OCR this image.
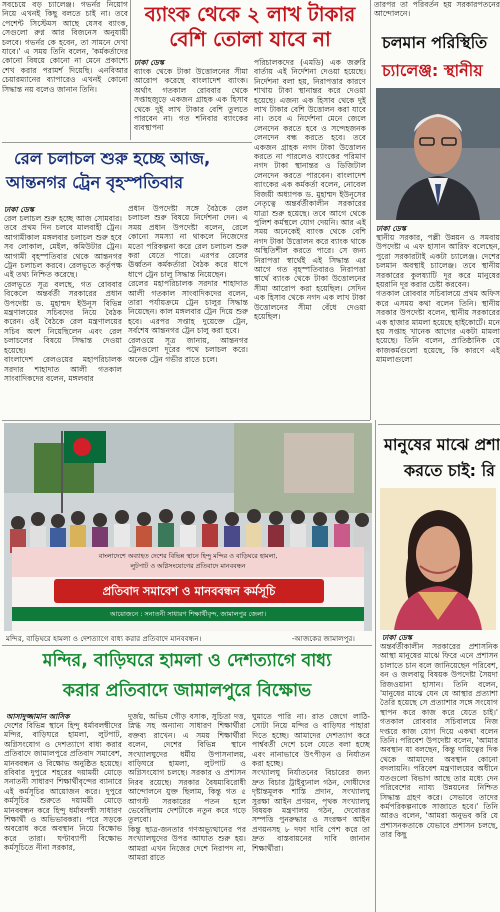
সবচেয়ে বড় চ্যালেঞ্জ। গভর্নর নিয়োগ নিয়ে এখনই কিছু বলতে চাই না। তবে পেশেন্ট সিস্টেমস আছে যেসব ব্যাংক, সেগুলো রুগ্ন আর বিজনেস অনুযায়ী চলবে। গভর্নর কে হবেন, তা সামনে দেখা যাবে।' এ সময় তিনি বলেন, 'কর্মকর্তাদের কোনো বিষয়ে কোনো না মেনে প্রকাশ্যে শেখ করার পরামর্শ দিয়েছি। এনবিআর চেয়ারম্যানের ব্যাপারেও এখনই কোনো সিদ্ধান্ত নয় বলেও জানান তিনি।
ব্যাংক থেকে ২ লাখ টাকার বেশি তোলা যাবে না
ঢাকা ডেস্ক
ব্যাংক থেকে টাকা উত্তোলনের সীমা আরোপ করেছে বাংলাদেশ ব্যাংক। অর্থাৎ গতকাল রোববার থেকে সপ্তাহজুড়ে একজন গ্রাহক এক হিসাব থেকে দুই লাখ টাকার বেশি তুলতে পারবেন না। গত শনিবার ব্যাংকের ব্যবস্থাপনা
পরিচালকদের (এমডি) এক জরুরি বার্তায় এই নির্দেশনা দেওয়া হয়েছে। নির্দেশনা বলা হয়, নিরাপত্তার কারণে শাখায় টাকা স্থানান্তর করে দেওয়া হয়েছে। এজন্য এক হিসাব থেকে দুই লাখ টাকার বেশি উত্তোলন করা যাবে না। তবে এ নির্দেশনা মেনে জেলে লেনদেন করতে হবে ও সন্দেহজনক লেনদেন বন্ধ করতে হবে। তবে একজন গ্রাহক নগদ টাকা উত্তোলন করতে না পারলেও ব্যাংকের পরিমাণ নগদ টাকা স্থানান্তর ও ডিজিটাল লেনদেন করতে পারবেন। বাংলাদেশ ব্যাংকের এক কর্মকর্তা বলেন, নোবেল বিজয়ী অধ্যাপক ড. মুহাম্মদ ইউনূসের নেতৃত্বে অন্তর্বর্তীকালীন সরকারের যাত্রা শুরু হয়েছে। তবে আগে থেকে পুলিশ কর্মস্থলে যোগ দেয়নি। আর এই সময় অনেকেই ব্যাংক থেকে বেশি নগদ টাকা উত্তোলন করে ব্যাংক থাকে অস্থিতিশীল করতে পারে। সে জন্য নিরাপত্তা স্বার্থেই এই সিদ্ধান্ত এর আগে গত বৃহস্পতিবারও নিরাপত্তা স্বার্থে ব্যাংক থেকে টাকা উত্তোলনের সীমা আরোপ করা হয়েছিল। সেদিন এক হিসাব থেকে নগদ এক লাখ টাকা উত্তোলনের সীমা বেঁধে দেওয়া হয়েছিল।
তারপর তা পরিবর্তন হয় সরকারপতনের আন্দোলনে।
চলমান পরিস্থিতি
চ্যালেঞ্জ: স্থানীয়
ঢাকা ডেস্ক
স্থানীয় সরকার, পল্লী উন্নয়ন ও সমবায় উপদেষ্টা এ এফ হাসান আরিফ বলেছেন, পুরো সরকারটাই একটা চ্যালেঞ্জ। দেশের চলমান অবস্থাই চ্যালেঞ্জ। তবে স্থানীয় সরকারের কুলষ্যাটি দূর করে মানুষের হয়রানি দূর করার চেষ্টা করবেন।
গতকাল রোববার সচিবালয়ে প্রথম অফিস করে এসময় কথা বলেন তিনি। স্থানীয় সরকার উপদেষ্টা বলেন, স্থানীয় সরকারের এক হাজার মামলা হয়েছে হাইকোর্টে। মনে হয় সপ্তাহ খানেক আগের একটা মামলা হয়েছে। তিনি বলেন, প্রাতিষ্ঠানিক যে কাজকর্মগুলো হয়েছে, কি কারণে এই মামলাগুলো
রেল চলাচল শুরু হচ্ছে আজ,
আন্তনগর ট্রেন বৃহস্পতিবার
ঢাকা ডেস্ক
রেল চলাচল শুরু হচ্ছে আজ সোমবার। তবে প্রথম দিন চলবে মালবাহী ট্রেন। আগামীকাল মঙ্গলবার চলাচল শুরু হবে সব লোকাল, মেইল, কমিউটার ট্রেন। আগামী বৃহস্পতিবার থেকে আন্তনগর ট্রেন চলাচল করবে। রেলভূতে কর্তৃপক্ষ এই তথ্য নিশ্চিত করেছে।
রেলভূতে সূত্র বলছে, গত রোববার বিকেলে অন্তর্বর্তী সরকারের প্রধান উপদেষ্টা ড. মুহাম্মদ ইউনূস বিভিন্ন মন্ত্রণালয়ের সচিবদের নিয়ে বৈঠক করেন। ওই বৈঠকে রেল মন্ত্রণালয়ের সচিব অংশ নিয়েছিলেন এবং রেল চলাচলের বিষয়ে সিদ্ধান্ত দেওয়া হয়েছে।
বাংলাদেশ রেলওয়ের মহাপরিচালক সরদার শাহাদাত আলী গতকাল সাংবাদিকদের বলেন, মঙ্গলবার
প্রধান উপদেষ্টা সঙ্গে বৈঠকে রেল চলাচল শুরু বিষয়ে নির্দেশনা দেন। এ সময় প্রধান উপদেষ্টা বলেন, রেলে কোনো সমস্যা না থাকলে নিজেদের মতো পরিকল্পনা করে রেল চলাচল শুরু করা যেতে পারে। এরপর রেলের ঊর্ধ্বতন কর্মকর্তারা বৈঠক করে ধাপে ধাপে ট্রেন চালু সিদ্ধান্ত নিয়েছেন।
রেলের মহাপরিচালক সরদার শাহাদাত আলী গতকাল সাংবাদিকদের বলেন, তারা পর্যায়ক্রমে ট্রেন চালুর সিদ্ধান্ত নিয়েছেন। কাল মঙ্গলবার ট্রেন দিয়ে শুরু হবে। এরপর সপ্তাহ দুয়েক্তে ট্রেন, সর্বশেষ আন্তনগর ট্রেন চালু করা হবে।
রেলওয়ে সূত্র জানায়, আন্তনগর ট্রেনগুলো দূরের পথে চলাচল করে। অনেক ট্রেন গভীর রাতে চলে।
বাংলাদেশে অব্যাহত দেশের বিভিন্ন স্থানে হিন্দু মন্দির ও বাড়িঘরে হামলা,
লুটপাট ও অগ্নিসংযোগের প্রতিবাদে মানববন্ধন
প্রতিবাদ সমাবেশ ও মানববন্ধন কর্মসূচি
আয়োজনে : সনাতনী সাধারণ শিক্ষার্থীবৃন্দ, জামালপুর জেলা।
মন্দির, বাড়িঘরে হামলা ও দেশত্যাগে বাধ্য করার প্রতিবাদে মানববন্ধন।	-আজকের জামালপুর।
মানুষের মাঝে প্রশা
করতে চাই: রি
ঢাকা ডেস্ক
অন্তর্বর্তীকালীন সরকারের প্রশাসনিক আস্থা মানুষের মাঝে ফিরে এনে প্রশাসন চালাতে চান বলে জানিয়েছেন পরিবেশ, বন ও জলবায়ু বিষয়ক উপদেষ্টা সৈয়দা রিজওয়ানা হাসান। তিনি বলেন, 'মানুষের মাঝে যেন যে আস্থার প্রত্যাশা তৈরি হয়েছে সে প্রত্যাশার সঙ্গে সংযোগ স্থাপন করে কাজ করে যেতে চাই।' গতকাল রোববার সচিবালয়ে নিজ দপ্তরে কাজ যোগ দিয়ে একথা বলেন তিনি। পরিবেশ উপদেষ্টা বলেন, 'আমার অবস্থান যা বলছেন, কিন্তু দায়িত্বের দিক থেকে আমাদের অবস্থান কোনো বদলায়নি। পরিবেশ মন্ত্রণালয়ের অধীনে যতগুলো বিভাগ আছে তার মধ্যে দেন পরিবেশের ন্যায্য উন্নয়নের নিশ্চিত সিদ্ধান্ত গ্রহণ করে। সেভাবে তাদের কর্মপরিকল্পনাকে সাজাতে হবে।' তিনি আরও বলেন, 'আমরা অনুভব করি যে প্রশাসনকতাকে যেভাবে প্রশাসন চলছে, তার কিছু
মন্দির, বাড়িঘরে হামলা ও দেশত্যাগে বাধ্য
করার প্রতিবাদে জামালপুরে বিক্ষোভ
আসাদুজ্জামান আসিক
দেশের বিভিন্ন স্থানে হিন্দু ধর্মাবলম্বীদের মন্দির, বাড়িঘরে হামলা, লুটপাট, অগ্নিসংযোগ ও দেশত্যাগে বাধ্য করার প্রতিবাদে জামালপুরে প্রতিবাদ সমাবেশ, মানববন্ধন ও বিক্ষোভ অনুষ্ঠিত হয়েছে। রবিবার দুপুরে শহরের দয়াময়ী মোড়ে সনাতনী সাধারণ শিক্ষার্থীবৃন্দের ব্যানারে এই কর্মসূচির আয়োজন করে। দুপুরে কর্মসূচির শুরুতে দয়াময়ী মোড়ে মানববন্ধন করে হিন্দু ধর্মাবলম্বী সাধারণ শিক্ষার্থী ও অভিভাবকরা। পরে সড়কে অবরোধ করে অবস্থান নিয়ে বিক্ষোভ করে তারা। ঘণ্টাব্যাপী বিক্ষোভ কর্মসূচিতে নীনা সরকার,
দুর্জয়, অভিম গৌড় বসাক, সুচিতা দত্ত, স্নিগ্ধ সহ অন্যান্য সাধারণ শিক্ষার্থীরা বক্তব্য রাখেন। এ সময় শিক্ষার্থীরা বলেন, দেশের বিভিন্ন স্থানে সংখ্যালঘুদের ধর্মীয় উপাসনালয়, বাড়িঘরে হামলা, লুটপাট ও অগ্নিসংযোগ চলছে। সরকার ও প্রশাসন নিরব রয়েছে। সরকার বৈষম্যবিরোধী আন্দোলনে যুক্ত ছিলাম, কিন্তু গত ৫ আগস্ট সরকারের পতন হলে ভেবেছিলাম দেশটাকে নতুন করে গড়ে তুলবো।
কিন্তু ছাত্র-জনতার গণঅভ্যুত্থানের পর সংখ্যালঘুদের উপর আঘাত শুরু হয়। আমরা এখন নিজের দেশে নিরাপদ না, আমরা রাতে
ঘুমাতে পারি না। রাত জেগে লাঠি-সোটা নিয়ে মন্দির ও বাড়িঘর পাহারা দিতে হচ্ছে। আমাদের দেশত্যাগ করে পার্শ্ববর্তী দেশে চলে যেতে বলা হচ্ছে এবং নানাভাবে উৎপীড়ন ও নির্যাতন করা হচ্ছে।
সংখ্যালঘু নির্যাতনের বিচারের জন্য দ্রুত বিচার ট্রাইব্যুনাল গঠন, দোষীদের দৃষ্টান্তমূলক শাস্তি প্রদান, সংখ্যালঘু সুরক্ষা আইন প্রণয়ন, পৃথক সংখ্যালঘু বিষয়ক মন্ত্রণালয় গঠন, দেবোত্তর সম্পত্তি পুনরুদ্ধার ও সংরক্ষণ আইন প্রণয়নসহ ৮ দফা দাবি পেশ করে তা দ্রুত বাস্তবায়নের দাবি জানান শিক্ষার্থীরা।
